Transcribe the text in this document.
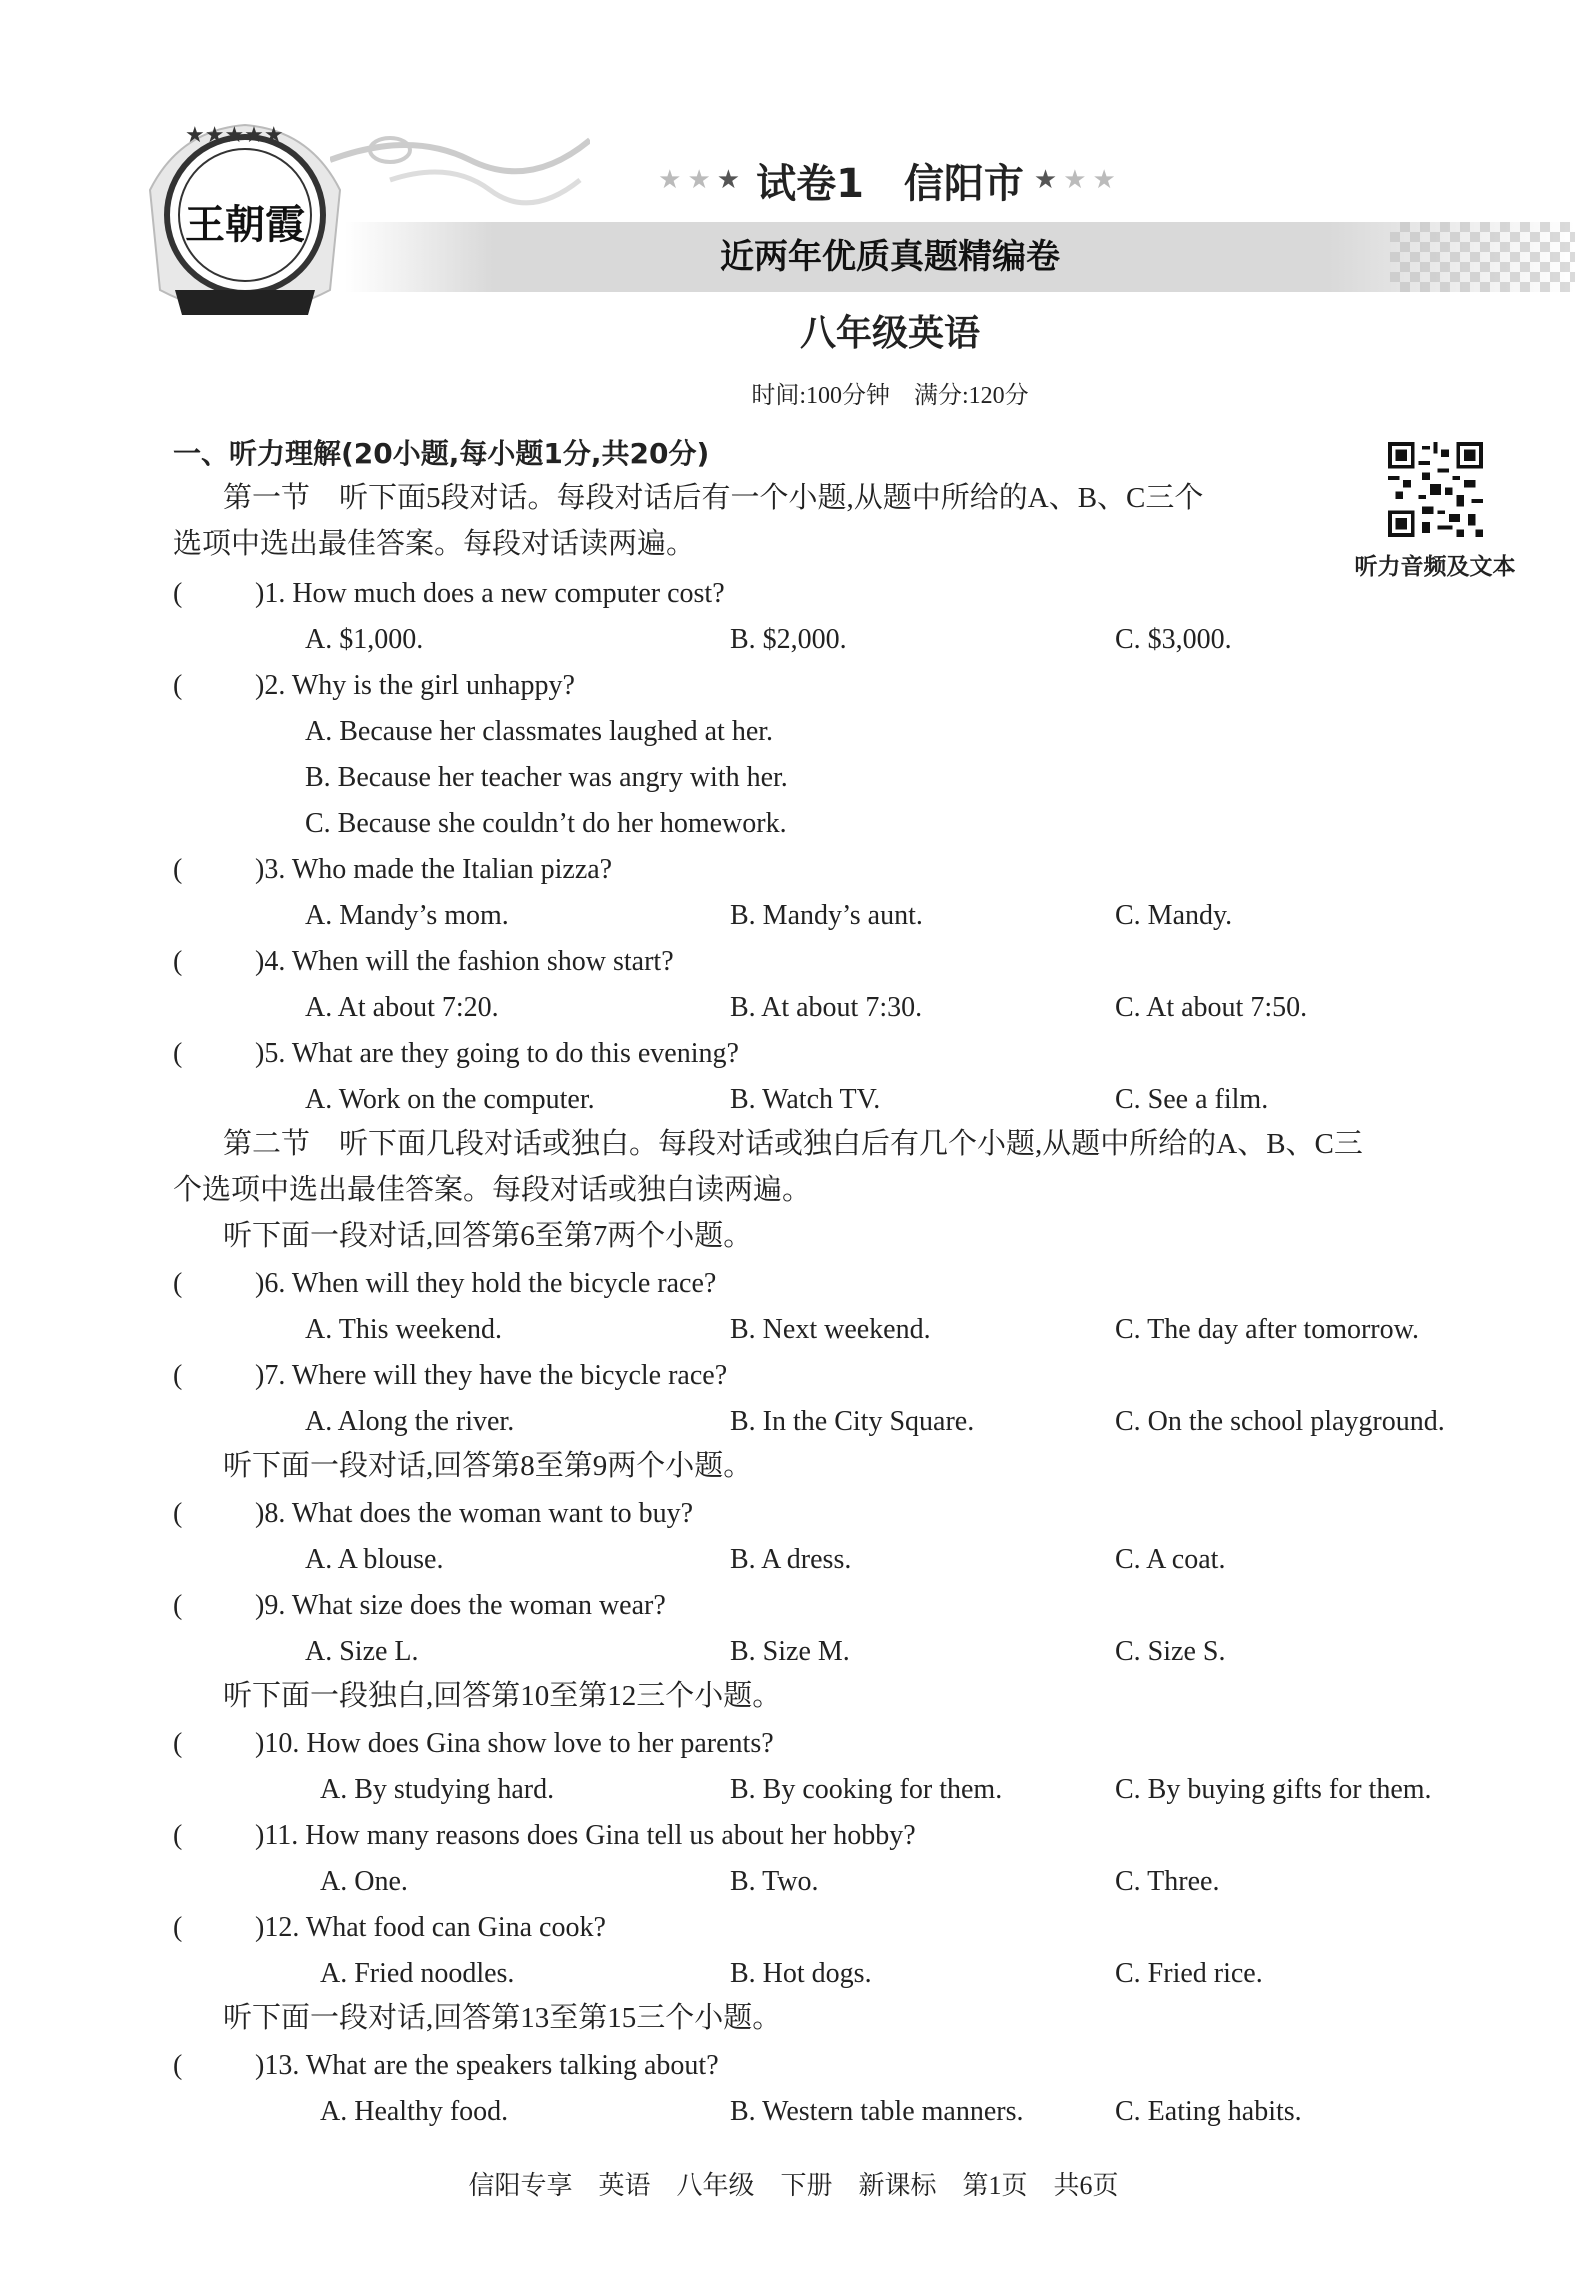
★★★★★
王朝霞
★★★ 试卷1　信阳市 ★★★
近两年优质真题精编卷
八年级英语
时间:100分钟　满分:120分
一、听力理解(20小题,每小题1分,共20分)
听力音频及文本
第一节　听下面5段对话。每段对话后有一个小题,从题中所给的A、B、C三个
选项中选出最佳答案。每段对话读两遍。
(	)1. How much does a new computer cost?
A. $1,000.	B. $2,000.	C. $3,000.
(	)2. Why is the girl unhappy?
A. Because her classmates laughed at her.
B. Because her teacher was angry with her.
C. Because she couldn’t do her homework.
(	)3. Who made the Italian pizza?
A. Mandy’s mom.	B. Mandy’s aunt.	C. Mandy.
(	)4. When will the fashion show start?
A. At about 7:20.	B. At about 7:30.	C. At about 7:50.
(	)5. What are they going to do this evening?
A. Work on the computer.	B. Watch TV.	C. See a film.
第二节　听下面几段对话或独白。每段对话或独白后有几个小题,从题中所给的A、B、C三
个选项中选出最佳答案。每段对话或独白读两遍。
听下面一段对话,回答第6至第7两个小题。
(	)6. When will they hold the bicycle race?
A. This weekend.	B. Next weekend.	C. The day after tomorrow.
(	)7. Where will they have the bicycle race?
A. Along the river.	B. In the City Square.	C. On the school playground.
听下面一段对话,回答第8至第9两个小题。
(	)8. What does the woman want to buy?
A. A blouse.	B. A dress.	C. A coat.
(	)9. What size does the woman wear?
A. Size L.	B. Size M.	C. Size S.
听下面一段独白,回答第10至第12三个小题。
(	)10. How does Gina show love to her parents?
A. By studying hard.	B. By cooking for them.	C. By buying gifts for them.
(	)11. How many reasons does Gina tell us about her hobby?
A. One.	B. Two.	C. Three.
(	)12. What food can Gina cook?
A. Fried noodles.	B. Hot dogs.	C. Fried rice.
听下面一段对话,回答第13至第15三个小题。
(	)13. What are the speakers talking about?
A. Healthy food.	B. Western table manners.	C. Eating habits.
信阳专享　英语　八年级　下册　新课标　第1页　共6页
